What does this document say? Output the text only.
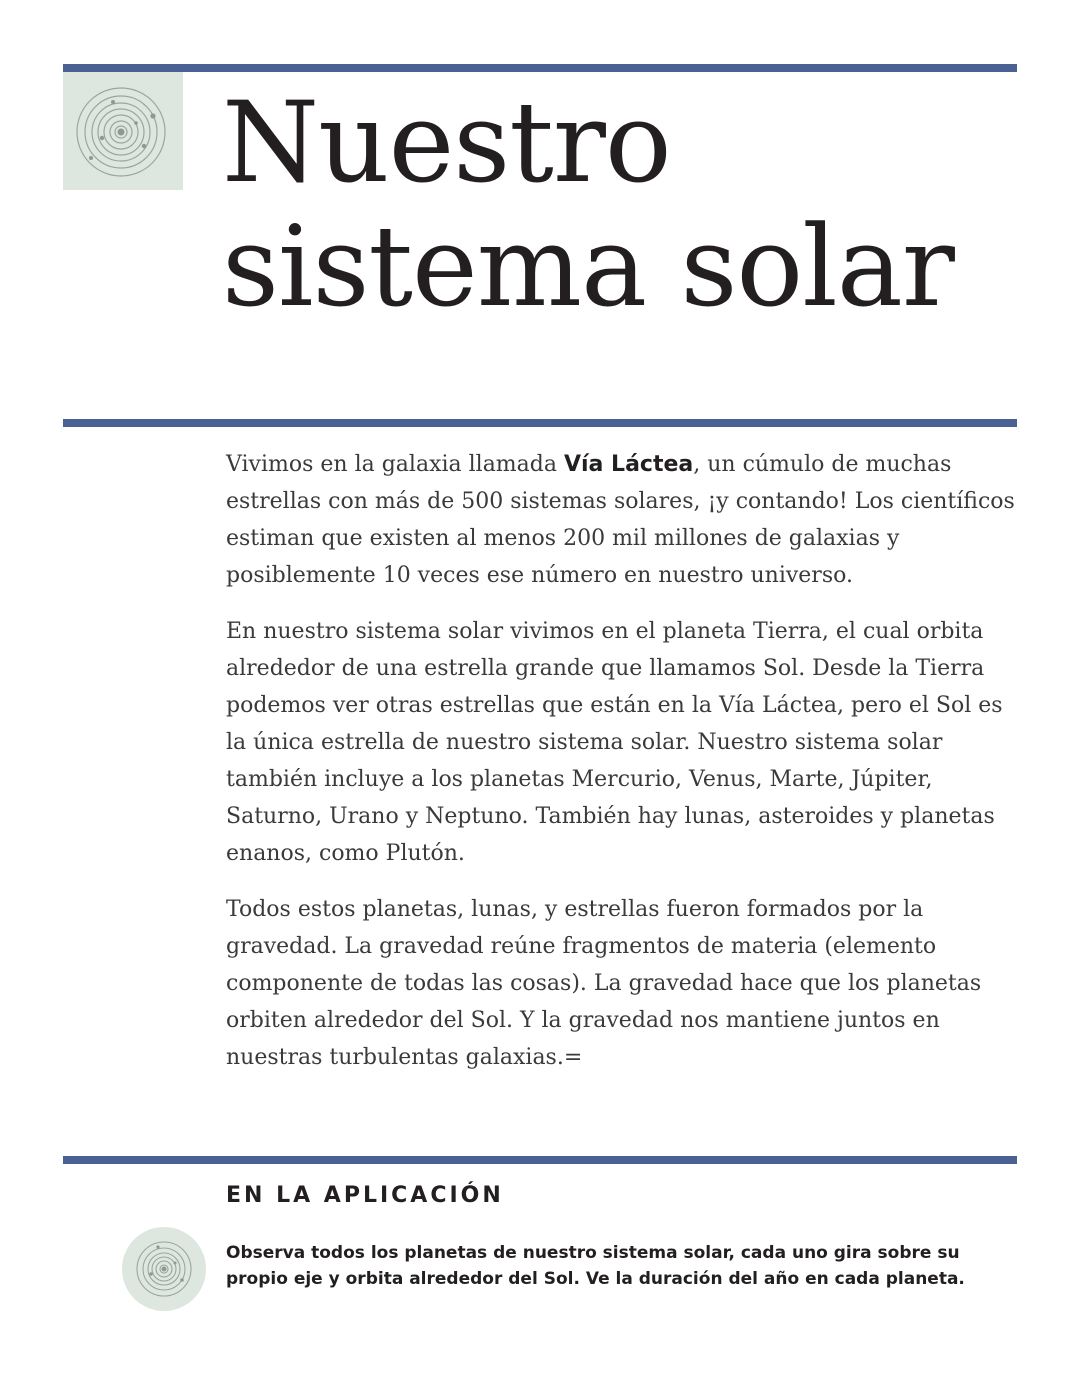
Nuestro
sistema solar

Vivimos en la galaxia llamada Vía Láctea, un cúmulo de muchas estrellas con más de 500 sistemas solares, ¡y contando! Los científicos estiman que existen al menos 200 mil millones de galaxias y posiblemente 10 veces ese número en nuestro universo.

En nuestro sistema solar vivimos en el planeta Tierra, el cual orbita alrededor de una estrella grande que llamamos Sol. Desde la Tierra podemos ver otras estrellas que están en la Vía Láctea, pero el Sol es la única estrella de nuestro sistema solar. Nuestro sistema solar también incluye a los planetas Mercurio, Venus, Marte, Júpiter, Saturno, Urano y Neptuno. También hay lunas, asteroides y planetas enanos, como Plutón.

Todos estos planetas, lunas, y estrellas fueron formados por la gravedad. La gravedad reúne fragmentos de materia (elemento componente de todas las cosas). La gravedad hace que los planetas orbiten alrededor del Sol. Y la gravedad nos mantiene juntos en nuestras turbulentas galaxias.=

EN LA APLICACIÓN

Observa todos los planetas de nuestro sistema solar, cada uno gira sobre su propio eje y orbita alrededor del Sol. Ve la duración del año en cada planeta.
